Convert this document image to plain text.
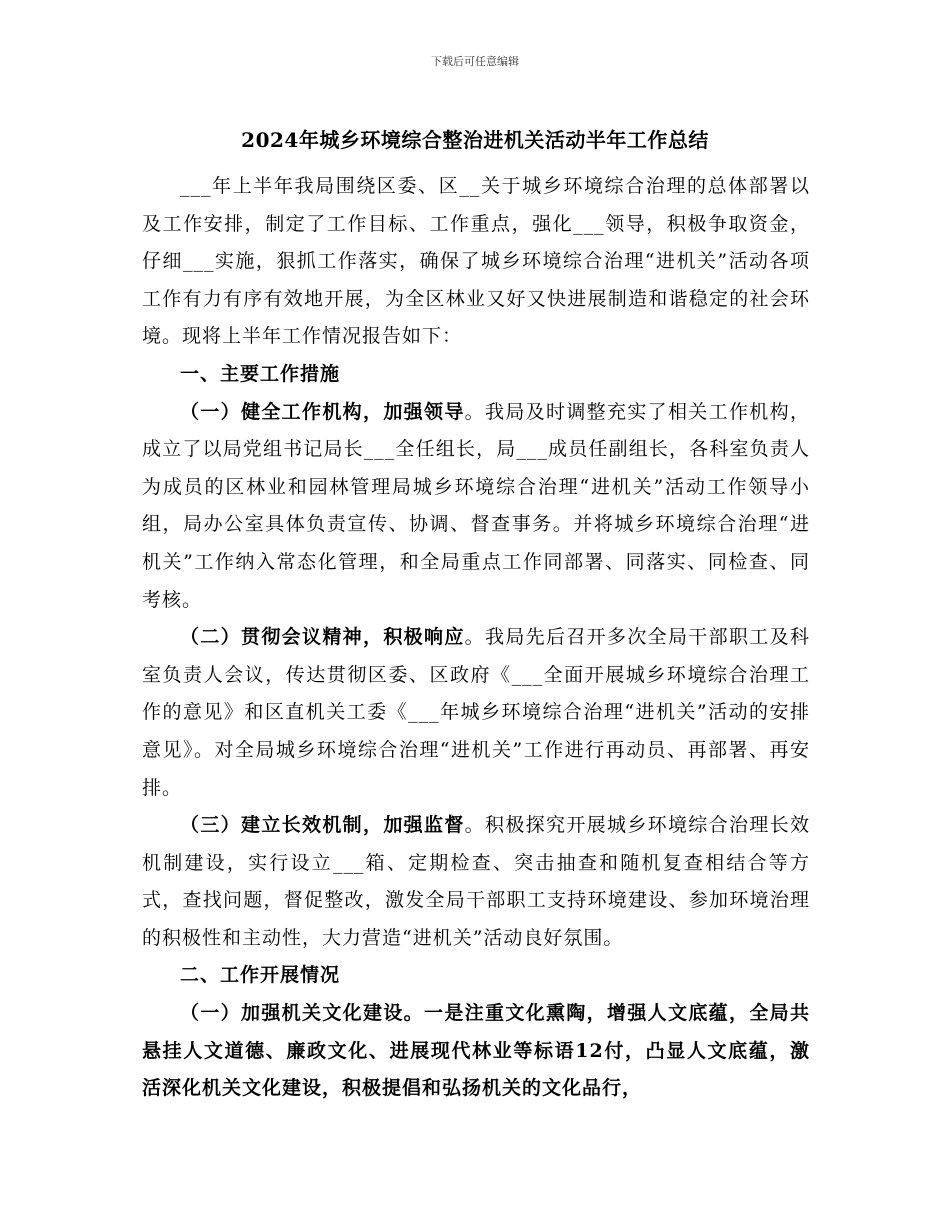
下载后可任意编辑
2024年城乡环境综合整治进机关活动半年工作总结

___年上半年我局围绕区委、区__关于城乡环境综合治理的总体部署以及工作安排，制定了工作目标、工作重点，强化___领导，积极争取资金，仔细___实施，狠抓工作落实，确保了城乡环境综合治理“进机关”活动各项工作有力有序有效地开展，为全区林业又好又快进展制造和谐稳定的社会环境。现将上半年工作情况报告如下：

一、主要工作措施

（一）健全工作机构，加强领导。我局及时调整充实了相关工作机构，成立了以局党组书记局长___全任组长，局___成员任副组长，各科室负责人为成员的区林业和园林管理局城乡环境综合治理“进机关”活动工作领导小组，局办公室具体负责宣传、协调、督查事务。并将城乡环境综合治理“进机关”工作纳入常态化管理，和全局重点工作同部署、同落实、同检查、同考核。

（二）贯彻会议精神，积极响应。我局先后召开多次全局干部职工及科室负责人会议，传达贯彻区委、区政府《___全面开展城乡环境综合治理工作的意见》和区直机关工委《___年城乡环境综合治理“进机关”活动的安排意见》。对全局城乡环境综合治理“进机关”工作进行再动员、再部署、再安排。

（三）建立长效机制，加强监督。积极探究开展城乡环境综合治理长效机制建设，实行设立___箱、定期检查、突击抽查和随机复查相结合等方式，查找问题，督促整改，激发全局干部职工支持环境建设、参加环境治理的积极性和主动性，大力营造“进机关”活动良好氛围。

二、工作开展情况

（一）加强机关文化建设。一是注重文化熏陶，增强人文底蕴，全局共悬挂人文道德、廉政文化、进展现代林业等标语12付，凸显人文底蕴，激活深化机关文化建设，积极提倡和弘扬机关的文化品行，
